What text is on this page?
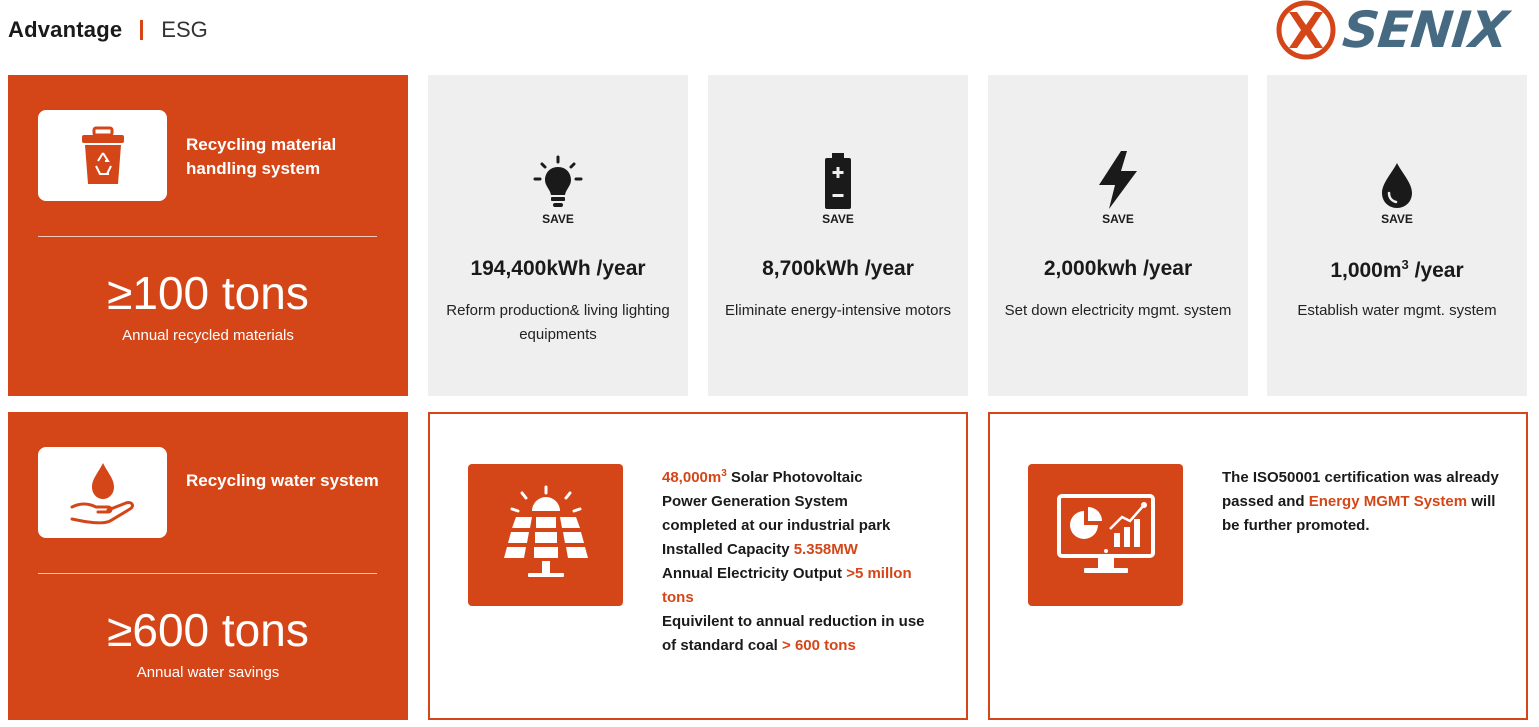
Advantage ESG	SENIX
Recycling material handling system
≥100 tons
Annual recycled materials
Recycling water system
≥600 tons
Annual water savings
SAVE
194,400kWh /year
Reform production& living lighting equipments
SAVE
8,700kWh /year
Eliminate energy-intensive motors
SAVE
2,000kwh /year
Set down electricity mgmt. system
SAVE
$1,000m^3$ /year
Establish water mgmt. system
$48,000m^3$ Solar Photovoltaic
Power Generation System
completed at our industrial park
Installed Capacity 5.358MW
Annual Electricity Output >5 millon tons
Equivilent to annual reduction in use of standard coal > 600 tons
The ISO50001 certification was already passed and Energy MGMT System will be further promoted.
